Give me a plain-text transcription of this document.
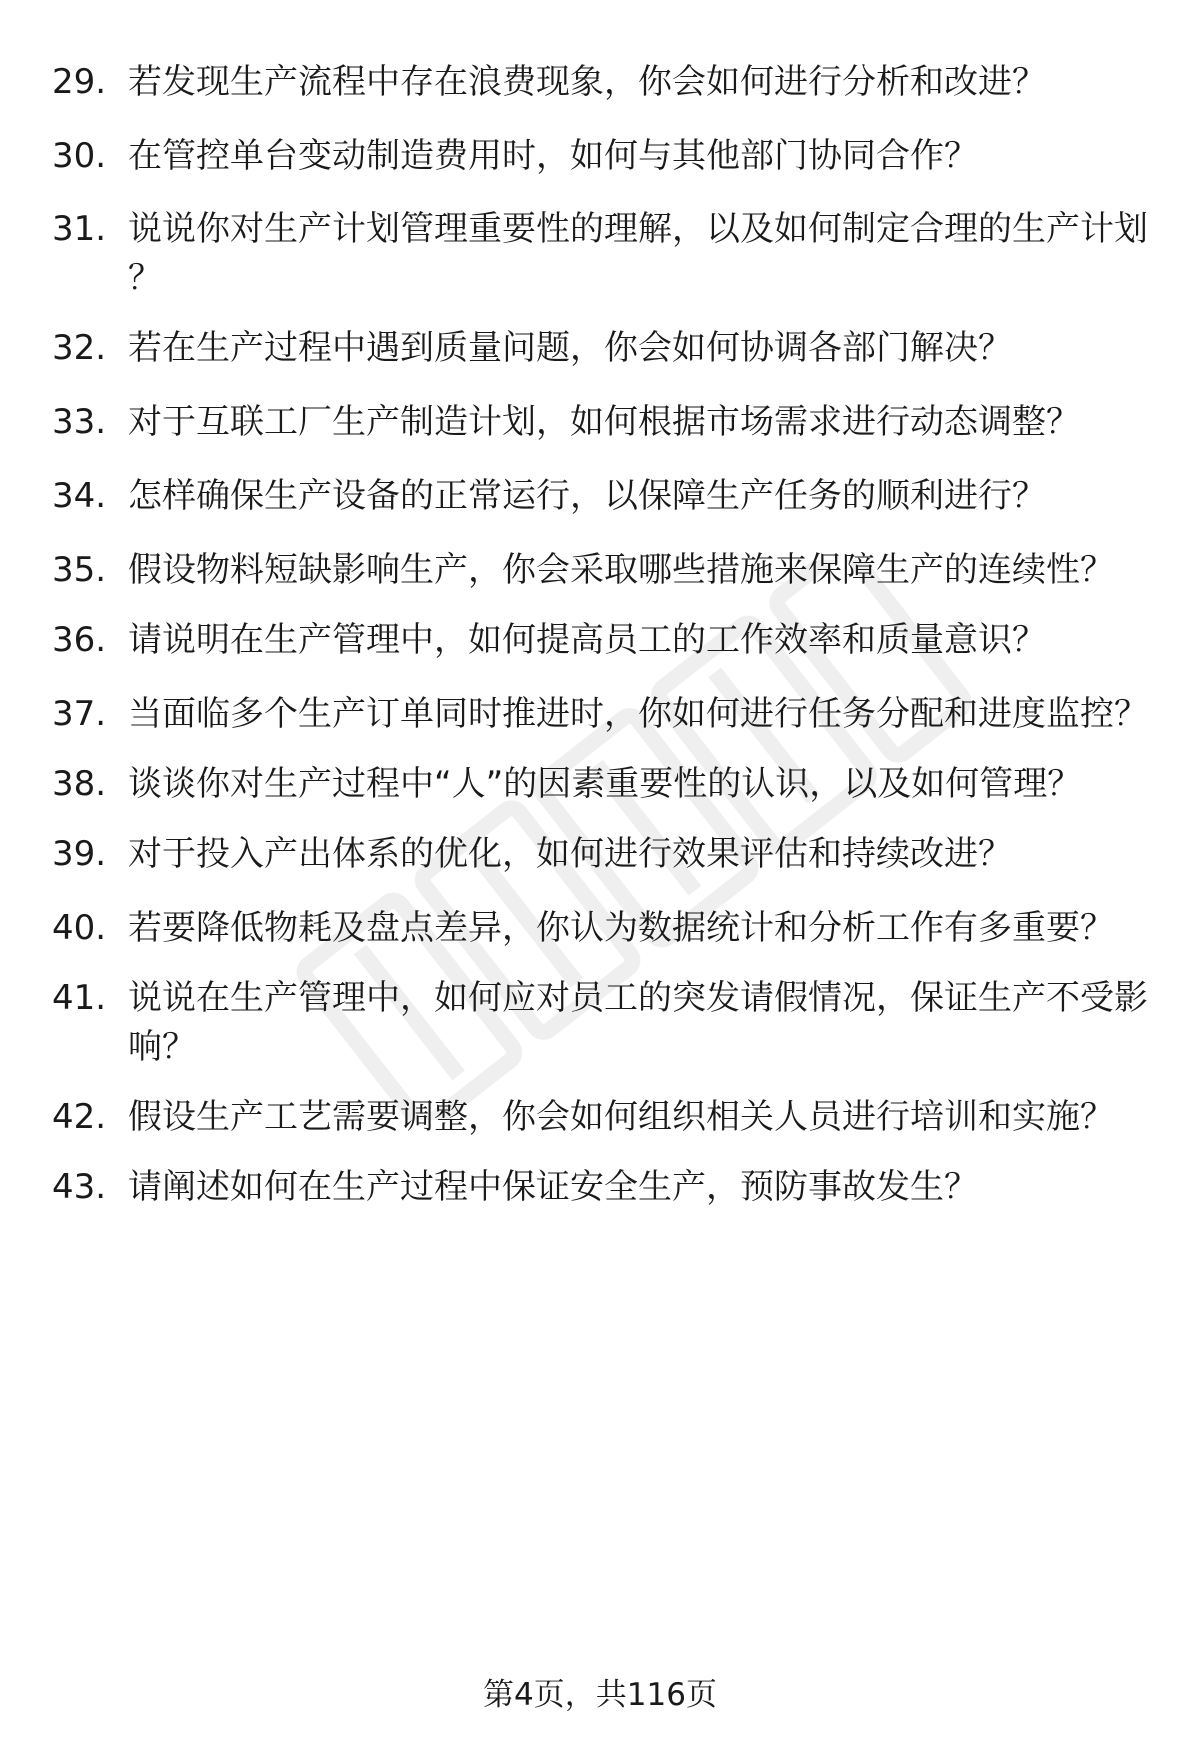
29. 若发现生产流程中存在浪费现象，你会如何进行分析和改进？
30. 在管控单台变动制造费用时，如何与其他部门协同合作？
31. 说说你对生产计划管理重要性的理解，以及如何制定合理的生产计划？
32. 若在生产过程中遇到质量问题，你会如何协调各部门解决？
33. 对于互联工厂生产制造计划，如何根据市场需求进行动态调整？
34. 怎样确保生产设备的正常运行，以保障生产任务的顺利进行？
35. 假设物料短缺影响生产，你会采取哪些措施来保障生产的连续性？
36. 请说明在生产管理中，如何提高员工的工作效率和质量意识？
37. 当面临多个生产订单同时推进时，你如何进行任务分配和进度监控？
38. 谈谈你对生产过程中“人”的因素重要性的认识，以及如何管理？
39. 对于投入产出体系的优化，如何进行效果评估和持续改进？
40. 若要降低物耗及盘点差异，你认为数据统计和分析工作有多重要？
41. 说说在生产管理中，如何应对员工的突发请假情况，保证生产不受影响？
42. 假设生产工艺需要调整，你会如何组织相关人员进行培训和实施？
43. 请阐述如何在生产过程中保证安全生产，预防事故发生？
第4页，共116页
